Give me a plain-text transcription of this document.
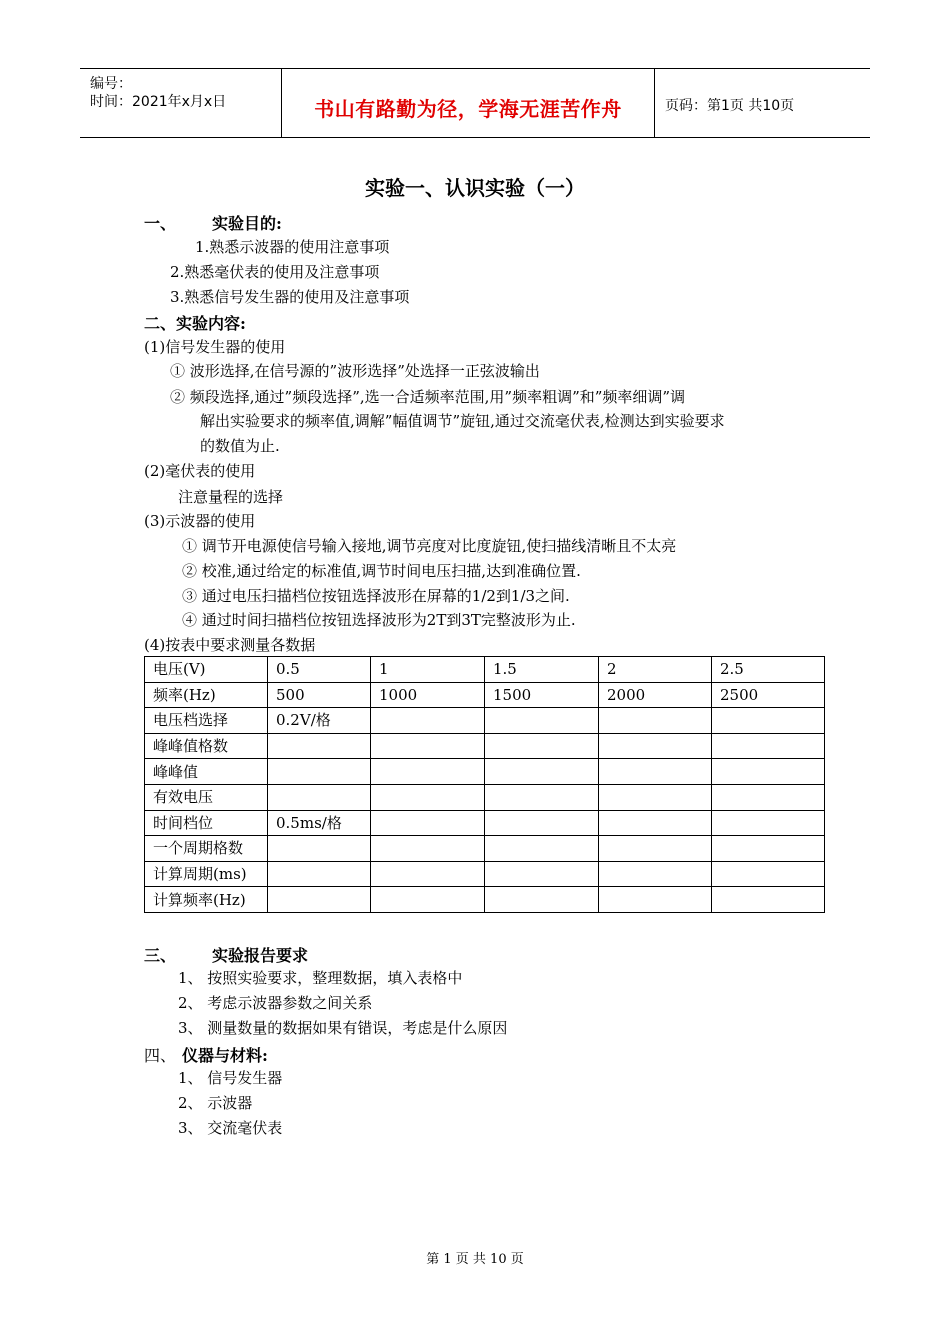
编号：
时间：2021年x月x日	书山有路勤为径，学海无涯苦作舟	页码：第1页 共10页
实验一、认识实验（一）
一、 实验目的:
1.熟悉示波器的使用注意事项
2.熟悉毫伏表的使用及注意事项
3.熟悉信号发生器的使用及注意事项
二、实验内容:
(1)信号发生器的使用
① 波形选择,在信号源的”波形选择”处选择一正弦波输出
② 频段选择,通过”频段选择”,选一合适频率范围,用”频率粗调”和”频率细调”调
解出实验要求的频率值,调解”幅值调节”旋钮,通过交流毫伏表,检测达到实验要求
的数值为止.
(2)毫伏表的使用
注意量程的选择
(3)示波器的使用
① 调节开电源使信号输入接地,调节亮度对比度旋钮,使扫描线清晰且不太亮
② 校准,通过给定的标准值,调节时间电压扫描,达到准确位置.
③ 通过电压扫描档位按钮选择波形在屏幕的1/2到1/3之间.
④ 通过时间扫描档位按钮选择波形为2T到3T完整波形为止.
(4)按表中要求测量各数据
电压(V)	0.5	1	1.5	2	2.5
频率(Hz)	500	1000	1500	2000	2500
电压档选择	0.2V/格				
峰峰值格数					
峰峰值					
有效电压					
时间档位	0.5ms/格				
一个周期格数					
计算周期(ms)					
计算频率(Hz)					
三、 实验报告要求
1、 按照实验要求，整理数据，填入表格中
2、 考虑示波器参数之间关系
3、 测量数量的数据如果有错误，考虑是什么原因
四、 仪器与材料:
1、 信号发生器
2、 示波器
3、 交流毫伏表
第 1 页 共 10 页
